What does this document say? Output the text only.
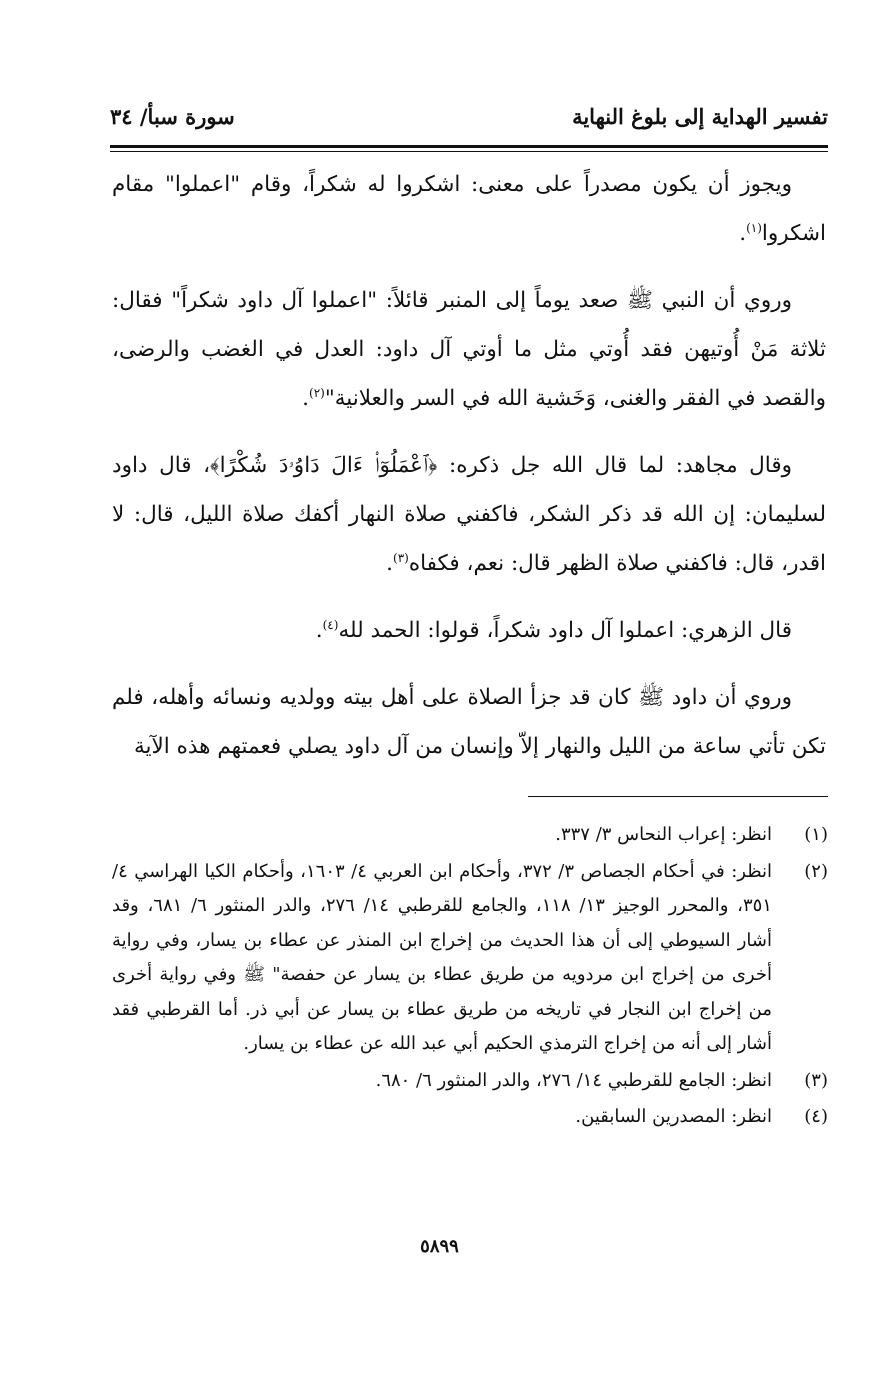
تفسير الهداية إلى بلوغ النهاية
سورة سبأ/ ٣٤

ويجوز أن يكون مصدراً على معنى: اشكروا له شكراً، وقام "اعملوا" مقام اشكروا$^{(١)}$.

وروي أن النبي ﷺ صعد يوماً إلى المنبر قائلاً: "اعملوا آل داود شكراً" فقال: ثلاثة مَنْ أُوتيهن فقد أُوتي مثل ما أوتي آل داود: العدل في الغضب والرضى، والقصد في الفقر والغنى، وَخَشية الله في السر والعلانية"$^{(٢)}$.

وقال مجاهد: لما قال الله جل ذكره: ﴿ٱعْمَلُوٓا۟ ءَالَ دَاوُۥدَ شُكْرًا﴾، قال داود لسليمان: إن الله قد ذكر الشكر، فاكفني صلاة النهار أكفك صلاة الليل، قال: لا اقدر، قال: فاكفني صلاة الظهر قال: نعم، فكفاه$^{(٣)}$.

قال الزهري: اعملوا آل داود شكراً، قولوا: الحمد لله$^{(٤)}$.

وروي أن داود ﷺ كان قد جزأ الصلاة على أهل بيته وولديه ونسائه وأهله، فلم تكن تأتي ساعة من الليل والنهار إلاّ وإنسان من آل داود يصلي فعمتهم هذه الآية

(١)
انظر: إعراب النحاس ٣/ ٣٣٧.
(٢)
انظر: في أحكام الجصاص ٣/ ٣٧٢، وأحكام ابن العربي ٤/ ١٦٠٣، وأحكام الكيا الهراسي ٤/ ٣٥١، والمحرر الوجيز ١٣/ ١١٨، والجامع للقرطبي ١٤/ ٢٧٦، والدر المنثور ٦/ ٦٨١، وقد أشار السيوطي إلى أن هذا الحديث من إخراج ابن المنذر عن عطاء بن يسار، وفي رواية أخرى من إخراج ابن مردويه من طريق عطاء بن يسار عن حفصة" ﷺ وفي رواية أخرى من إخراج ابن النجار في تاريخه من طريق عطاء بن يسار عن أبي ذر. أما القرطبي فقد أشار إلى أنه من إخراج الترمذي الحكيم أبي عبد الله عن عطاء بن يسار.
(٣)
انظر: الجامع للقرطبي ١٤/ ٢٧٦، والدر المنثور ٦/ ٦٨٠.
(٤)
انظر: المصدرين السابقين.
٥٨٩٩
